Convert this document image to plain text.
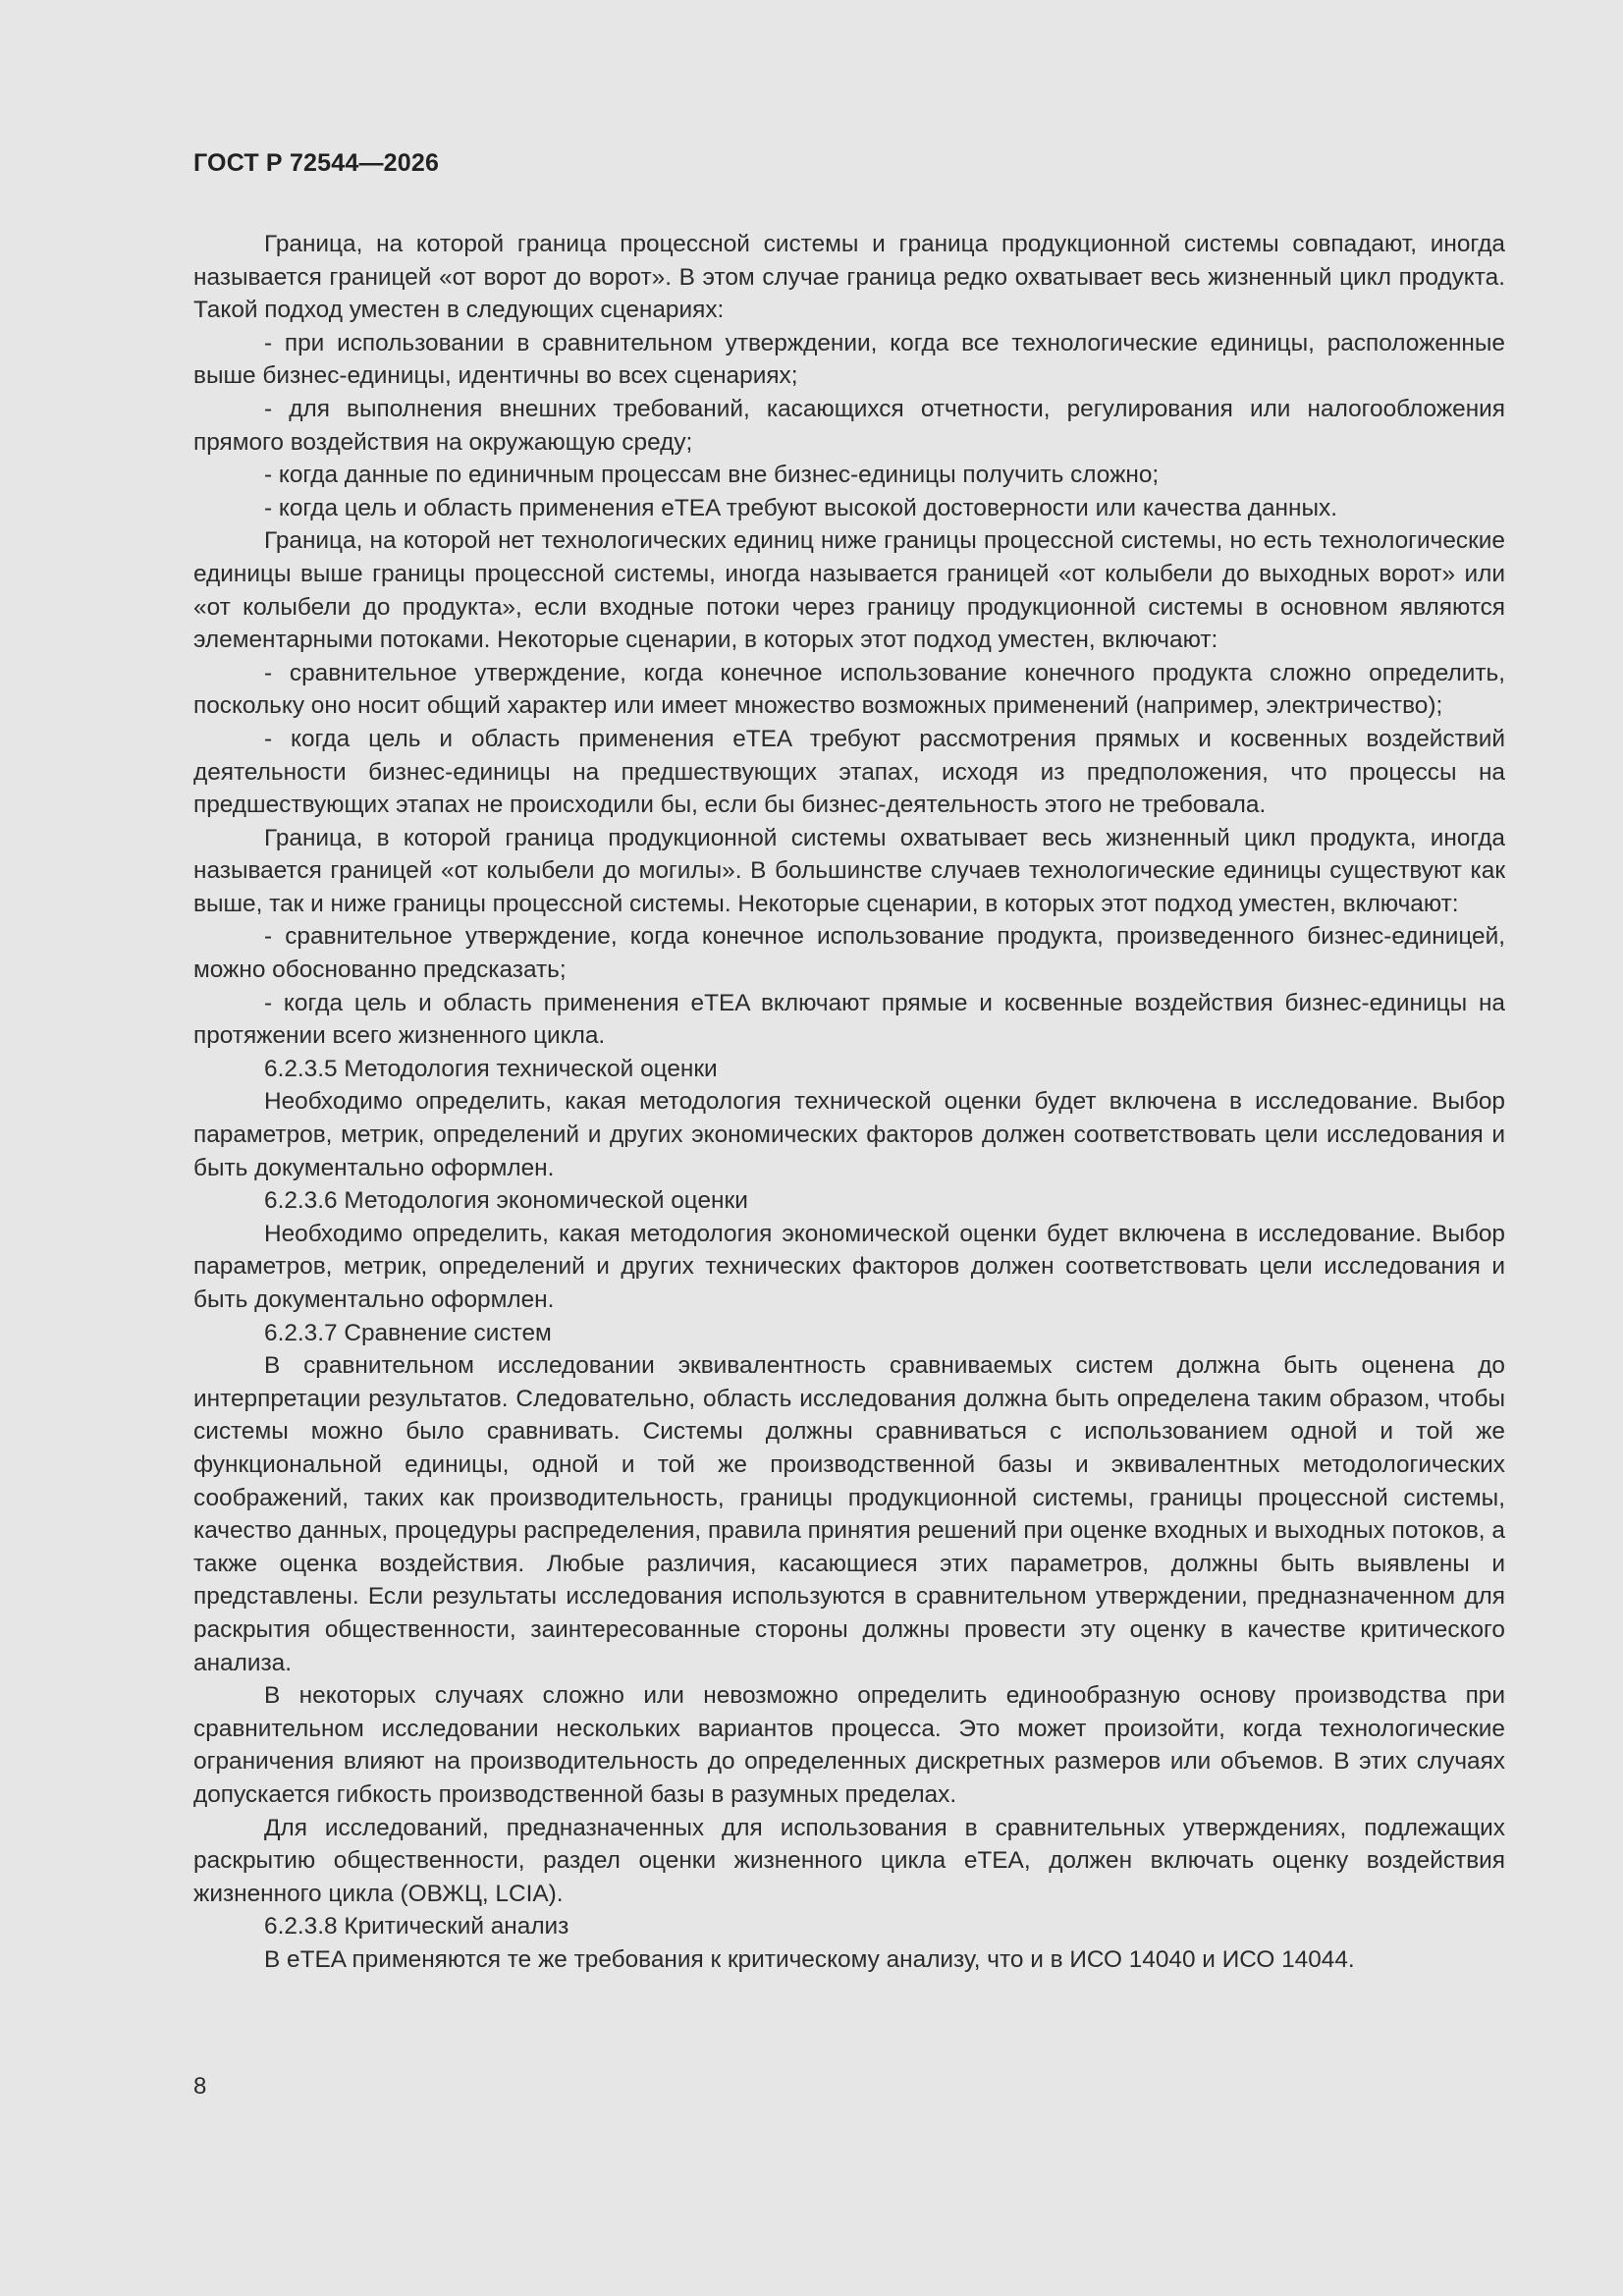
ГОСТ Р 72544—2026

Граница, на которой граница процессной системы и граница продукционной системы совпадают, иногда называется границей «от ворот до ворот». В этом случае граница редко охватывает весь жизненный цикл продукта. Такой подход уместен в следующих сценариях:

- при использовании в сравнительном утверждении, когда все технологические единицы, расположенные выше бизнес-единицы, идентичны во всех сценариях;

- для выполнения внешних требований, касающихся отчетности, регулирования или налогообложения прямого воздействия на окружающую среду;

- когда данные по единичным процессам вне бизнес-единицы получить сложно;

- когда цель и область применения eTEA требуют высокой достоверности или качества данных.

Граница, на которой нет технологических единиц ниже границы процессной системы, но есть технологические единицы выше границы процессной системы, иногда называется границей «от колыбели до выходных ворот» или «от колыбели до продукта», если входные потоки через границу продукционной системы в основном являются элементарными потоками. Некоторые сценарии, в которых этот подход уместен, включают:

- сравнительное утверждение, когда конечное использование конечного продукта сложно определить, поскольку оно носит общий характер или имеет множество возможных применений (например, электричество);

- когда цель и область применения eTEA требуют рассмотрения прямых и косвенных воздействий деятельности бизнес-единицы на предшествующих этапах, исходя из предположения, что процессы на предшествующих этапах не происходили бы, если бы бизнес-деятельность этого не требовала.

Граница, в которой граница продукционной системы охватывает весь жизненный цикл продукта, иногда называется границей «от колыбели до могилы». В большинстве случаев технологические единицы существуют как выше, так и ниже границы процессной системы. Некоторые сценарии, в которых этот подход уместен, включают:

- сравнительное утверждение, когда конечное использование продукта, произведенного бизнес-единицей, можно обоснованно предсказать;

- когда цель и область применения eTEA включают прямые и косвенные воздействия бизнес-единицы на протяжении всего жизненного цикла.

6.2.3.5 Методология технической оценки

Необходимо определить, какая методология технической оценки будет включена в исследование. Выбор параметров, метрик, определений и других экономических факторов должен соответствовать цели исследования и быть документально оформлен.

6.2.3.6 Методология экономической оценки

Необходимо определить, какая методология экономической оценки будет включена в исследование. Выбор параметров, метрик, определений и других технических факторов должен соответствовать цели исследования и быть документально оформлен.

6.2.3.7 Сравнение систем

В сравнительном исследовании эквивалентность сравниваемых систем должна быть оценена до интерпретации результатов. Следовательно, область исследования должна быть определена таким образом, чтобы системы можно было сравнивать. Системы должны сравниваться с использованием одной и той же функциональной единицы, одной и той же производственной базы и эквивалентных методологических соображений, таких как производительность, границы продукционной системы, границы процессной системы, качество данных, процедуры распределения, правила принятия решений при оценке входных и выходных потоков, а также оценка воздействия. Любые различия, касающиеся этих параметров, должны быть выявлены и представлены. Если результаты исследования используются в сравнительном утверждении, предназначенном для раскрытия общественности, заинтересованные стороны должны провести эту оценку в качестве критического анализа.

В некоторых случаях сложно или невозможно определить единообразную основу производства при сравнительном исследовании нескольких вариантов процесса. Это может произойти, когда технологические ограничения влияют на производительность до определенных дискретных размеров или объемов. В этих случаях допускается гибкость производственной базы в разумных пределах.

Для исследований, предназначенных для использования в сравнительных утверждениях, подлежащих раскрытию общественности, раздел оценки жизненного цикла eTEA, должен включать оценку воздействия жизненного цикла (ОВЖЦ, LCIA).

6.2.3.8 Критический анализ

В eTEA применяются те же требования к критическому анализу, что и в ИСО 14040 и ИСО 14044.

8
